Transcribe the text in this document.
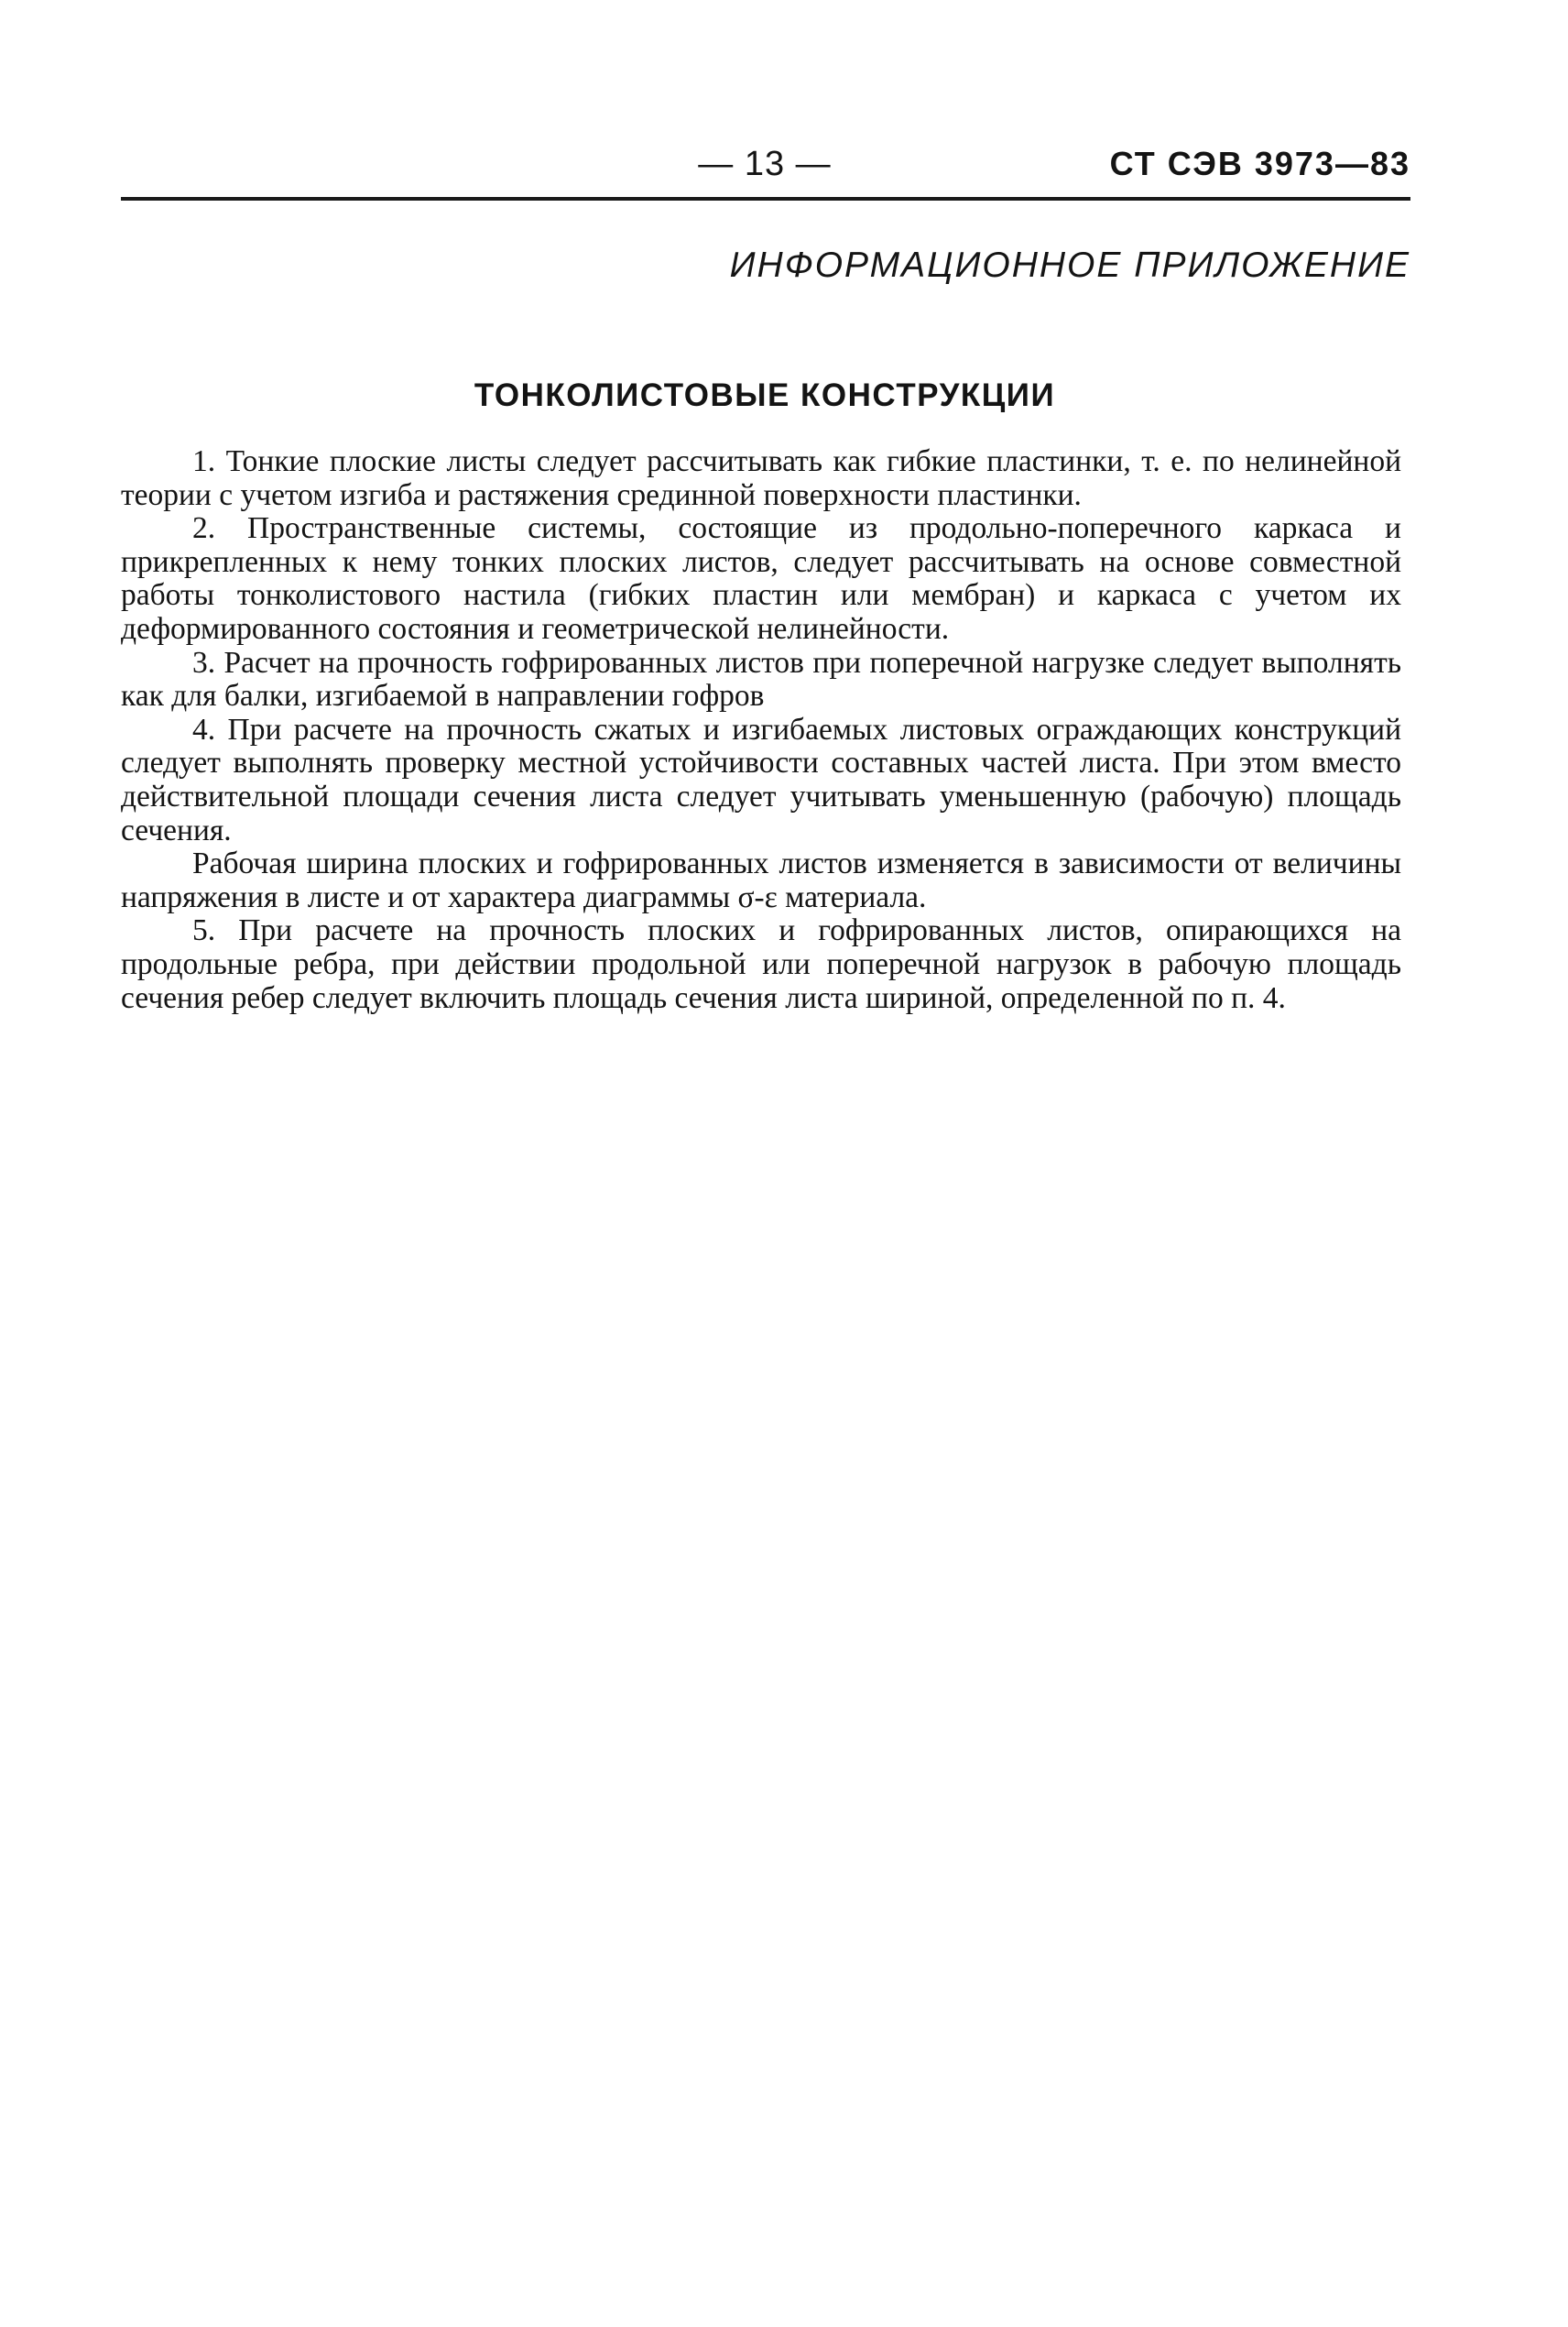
— 13 —	СТ СЭВ 3973—83
ИНФОРМАЦИОННОЕ ПРИЛОЖЕНИЕ
ТОНКОЛИСТОВЫЕ КОНСТРУКЦИИ

1. Тонкие плоские листы следует рассчитывать как гибкие пластинки, т. е. по нелинейной теории с учетом изгиба и растяжения срединной поверхности пластинки.

2. Пространственные системы, состоящие из продольно-поперечного каркаса и прикрепленных к нему тонких плоских листов, следует рассчитывать на основе совместной работы тонколистового настила (гибких пластин или мембран) и каркаса с учетом их деформированного состояния и геометрической нелинейности.

3. Расчет на прочность гофрированных листов при поперечной нагрузке следует выполнять как для балки, изгибаемой в направлении гофров

4. При расчете на прочность сжатых и изгибаемых листовых ограждающих конструкций следует выполнять проверку местной устойчивости составных частей листа. При этом вместо действительной площади сечения листа следует учитывать уменьшенную (рабочую) площадь сечения.

Рабочая ширина плоских и гофрированных листов изменяется в зависимости от величины напряжения в листе и от характера диаграммы σ-ε материала.

5. При расчете на прочность плоских и гофрированных листов, опирающихся на продольные ребра, при действии продольной или поперечной нагрузок в рабочую площадь сечения ребер следует включить площадь сечения листа шириной, определенной по п. 4.
